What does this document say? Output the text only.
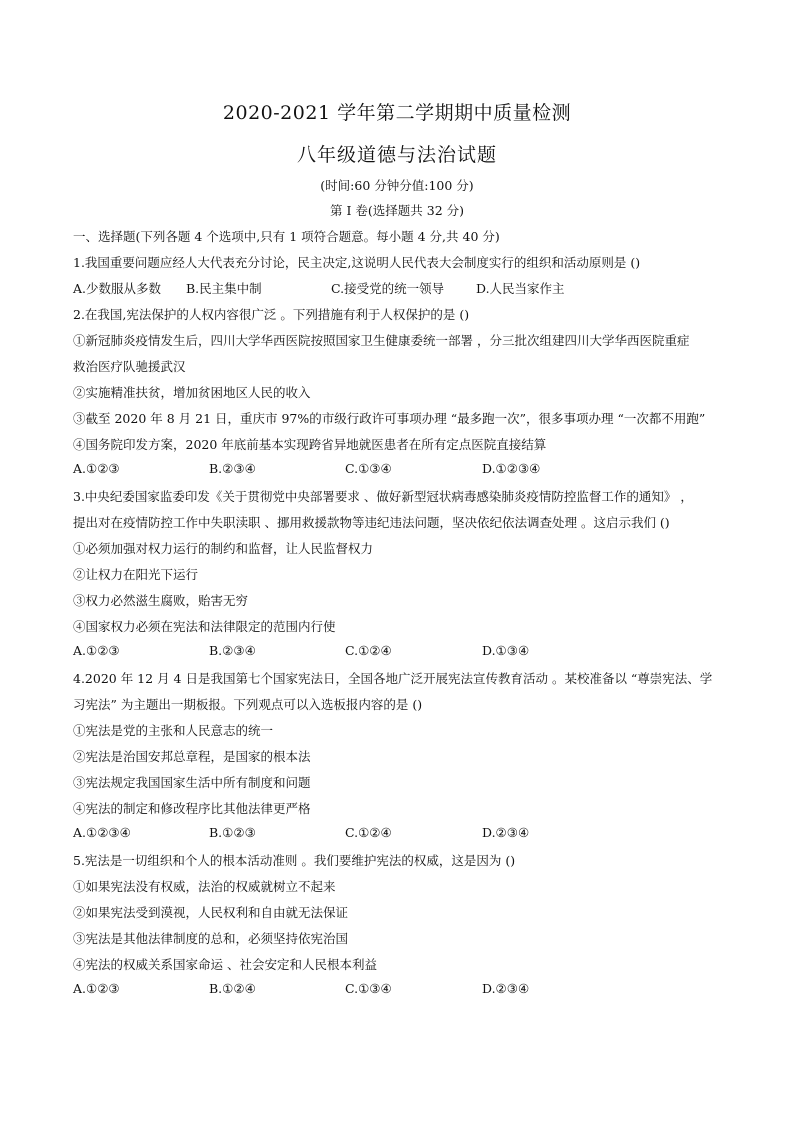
2020-2021 学年第二学期期中质量检测
八年级道德与法治试题
(时间:60 分钟分值:100 分)
第 I 卷(选择题共 32 分)
一、选择题(下列各题 4 个选项中,只有 1 项符合题意。每小题 4 分,共 40 分)
1.我国重要问题应经人大代表充分讨论，民主决定,这说明人民代表大会制度实行的组织和活动原则是 ()
A.少数服从多数 B.民主集中制	C.接受党的统一领导	D.人民当家作主
2.在我国,宪法保护的人权内容很广泛 。下列措施有利于人权保护的是 ()
①新冠肺炎疫情发生后，四川大学华西医院按照国家卫生健康委统一部署 ，分三批次组建四川大学华西医院重症
救治医疗队驰援武汉
②实施精准扶贫，增加贫困地区人民的收入
③截至 2020 年 8 月 21 日，重庆市 97%的市级行政许可事项办理 “最多跑一次”，很多事项办理 “一次都不用跑”
④国务院印发方案，2020 年底前基本实现跨省异地就医患者在所有定点医院直接结算
A.①②③	B.②③④	C.①③④	D.①②③④
3.中央纪委国家监委印发《关于贯彻党中央部署要求 、做好新型冠状病毒感染肺炎疫情防控监督工作的通知》 ，
提出对在疫情防控工作中失职渎职 、挪用救援款物等违纪违法问题，坚决依纪依法调查处理 。这启示我们 ()
①必须加强对权力运行的制约和监督，让人民监督权力
②让权力在阳光下运行
③权力必然滋生腐败，贻害无穷
④国家权力必须在宪法和法律限定的范围内行使
A.①②③	B.②③④	C.①②④	D.①③④
4.2020 年 12 月 4 日是我国第七个国家宪法日，全国各地广泛开展宪法宣传教育活动 。某校准备以 “尊崇宪法、学
习宪法” 为主题出一期板报。下列观点可以入选板报内容的是 ()
①宪法是党的主张和人民意志的统一
②宪法是治国安邦总章程，是国家的根本法
③宪法规定我国国家生活中所有制度和问题
④宪法的制定和修改程序比其他法律更严格
A.①②③④	B.①②③	C.①②④	D.②③④
5.宪法是一切组织和个人的根本活动准则 。我们要维护宪法的权威，这是因为 ()
①如果宪法没有权威，法治的权威就树立不起来
②如果宪法受到漠视，人民权利和自由就无法保证
③宪法是其他法律制度的总和，必须坚持依宪治国
④宪法的权威关系国家命运 、社会安定和人民根本利益
A.①②③	B.①②④	C.①③④	D.②③④
